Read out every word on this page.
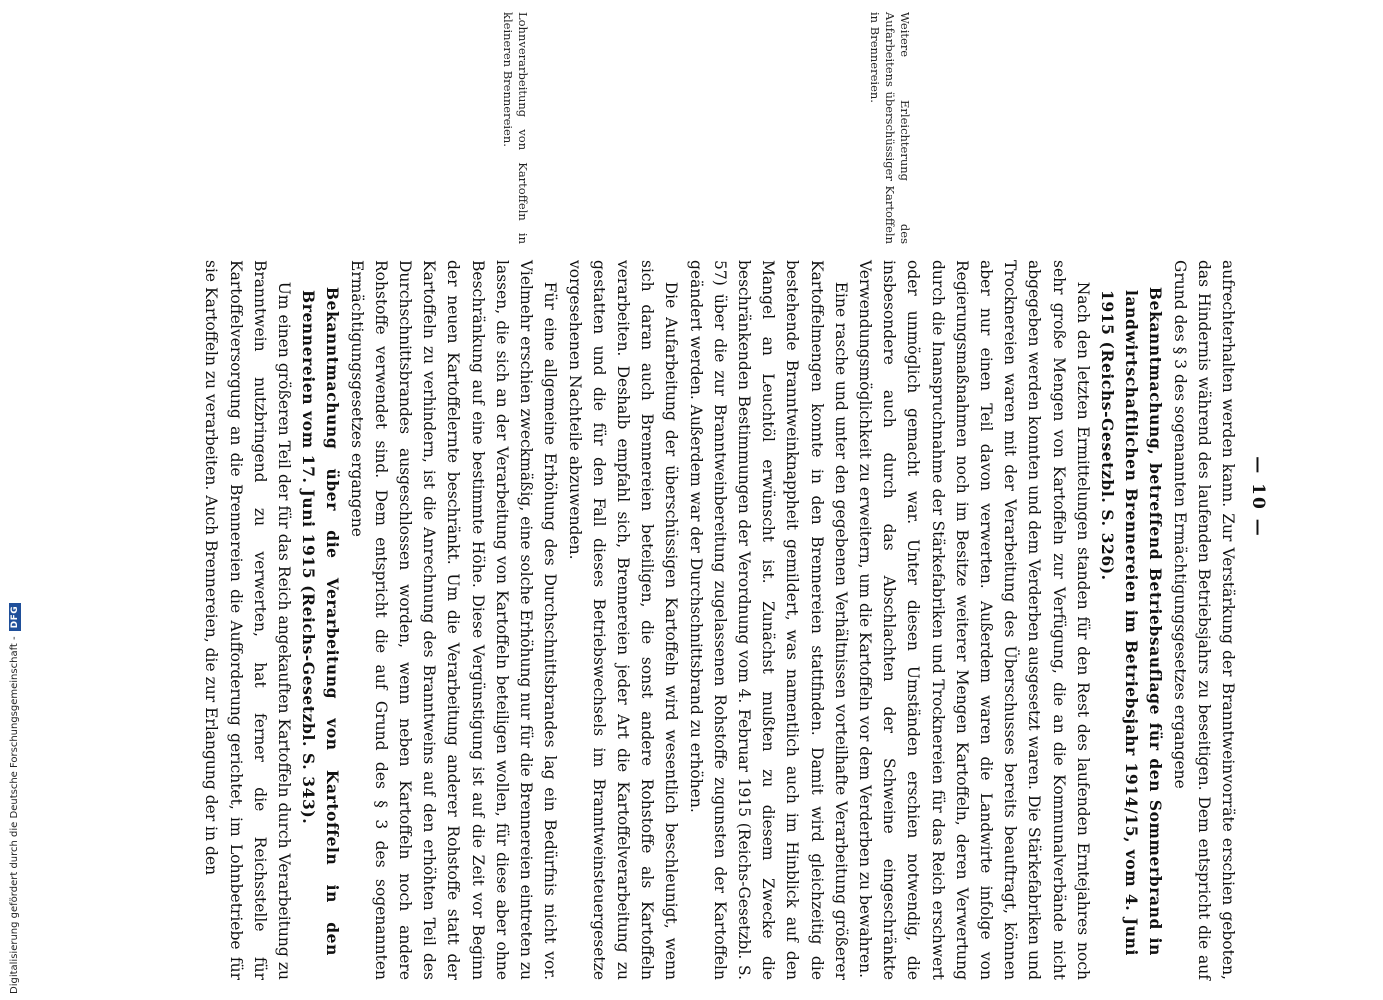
Digitalisierung gefördert durch die Deutsche Forschungsgemeinschaft -
DFG
— 10 —
Weitere Erleichterung des Aufarbeitens überschüssiger Kartoffeln in Brennereien.
Lohnverarbeitung von Kartoffeln in kleineren Brennereien.

aufrechterhalten werden kann. Zur Verstärkung der Branntweinvorräte erschien geboten, das Hindernis während des laufenden Betriebsjahrs zu beseitigen. Dem entspricht die auf Grund des § 3 des sogenannten Ermächtigungsgesetzes ergangene

Bekanntmachung, betreffend Betriebsauflage für den Sommerbrand in landwirtschaftlichen Brennereien im Betriebsjahr 1914/15, vom 4. Juni 1915 (Reichs-Gesetzbl. S. 326).

Nach den letzten Ermittelungen standen für den Rest des laufenden Erntejahres noch sehr große Mengen von Kartoffeln zur Verfügung, die an die Kommunalverbände nicht abgegeben werden konnten und dem Verderben ausgesetzt waren. Die Stärkefabriken und Trocknereien waren mit der Verarbeitung des Überschusses bereits beauftragt, können aber nur einen Teil davon verwerten. Außerdem waren die Landwirte infolge von Regierungsmaßnahmen noch im Besitze weiterer Mengen Kartoffeln, deren Verwertung durch die Inanspruchnahme der Stärkefabriken und Trocknereien für das Reich erschwert oder unmöglich gemacht war. Unter diesen Umständen erschien notwendig, die insbesondere auch durch das Abschlachten der Schweine eingeschränkte Verwendungsmöglichkeit zu erweitern, um die Kartoffeln vor dem Verderben zu bewahren.

Eine rasche und unter den gegebenen Verhältnissen vorteilhafte Verarbeitung größerer Kartoffelmengen konnte in den Brennereien stattfinden. Damit wird gleichzeitig die bestehende Branntweinknappheit gemildert, was namentlich auch im Hinblick auf den Mangel an Leuchtöl erwünscht ist. Zunächst mußten zu diesem Zwecke die beschränkenden Bestimmungen der Verordnung vom 4. Februar 1915 (Reichs-Gesetzbl. S. 57) über die zur Branntweinbereitung zugelassenen Rohstoffe zugunsten der Kartoffeln geändert werden. Außerdem war der Durchschnittsbrand zu erhöhen.

Die Aufarbeitung der überschüssigen Kartoffeln wird wesentlich beschleunigt, wenn sich daran auch Brennereien beteiligen, die sonst andere Rohstoffe als Kartoffeln verarbeiten. Deshalb empfahl sich, Brennereien jeder Art die Kartoffelverarbeitung zu gestatten und die für den Fall dieses Betriebswechsels im Branntweinsteuergesetze vorgesehenen Nachteile abzuwenden.

Für eine allgemeine Erhöhung des Durchschnittsbrandes lag ein Bedürfnis nicht vor. Vielmehr erschien zweckmäßig, eine solche Erhöhung nur für die Brennereien eintreten zu lassen, die sich an der Verarbeitung von Kartoffeln beteiligen wollen, für diese aber ohne Beschränkung auf eine bestimmte Höhe. Diese Vergünstigung ist auf die Zeit vor Beginn der neuen Kartoffelernte beschränkt. Um die Verarbeitung anderer Rohstoffe statt der Kartoffeln zu verhindern, ist die Anrechnung des Branntweins auf den erhöhten Teil des Durchschnittsbrandes ausgeschlossen worden, wenn neben Kartoffeln noch andere Rohstoffe verwendet sind. Dem entspricht die auf Grund des § 3 des sogenannten Ermächtigungsgesetzes ergangene

Bekanntmachung über die Verarbeitung von Kartoffeln in den Brennereien vom 17. Juni 1915 (Reichs-Gesetzbl. S. 343).

Um einen größeren Teil der für das Reich angekauften Kartoffeln durch Verarbeitung zu Branntwein nutzbringend zu verwerten, hat ferner die Reichsstelle für Kartoffelversorgung an die Brennereien die Aufforderung gerichtet, im Lohnbetriebe für sie Kartoffeln zu verarbeiten. Auch Brennereien, die zur Erlangung der in den
